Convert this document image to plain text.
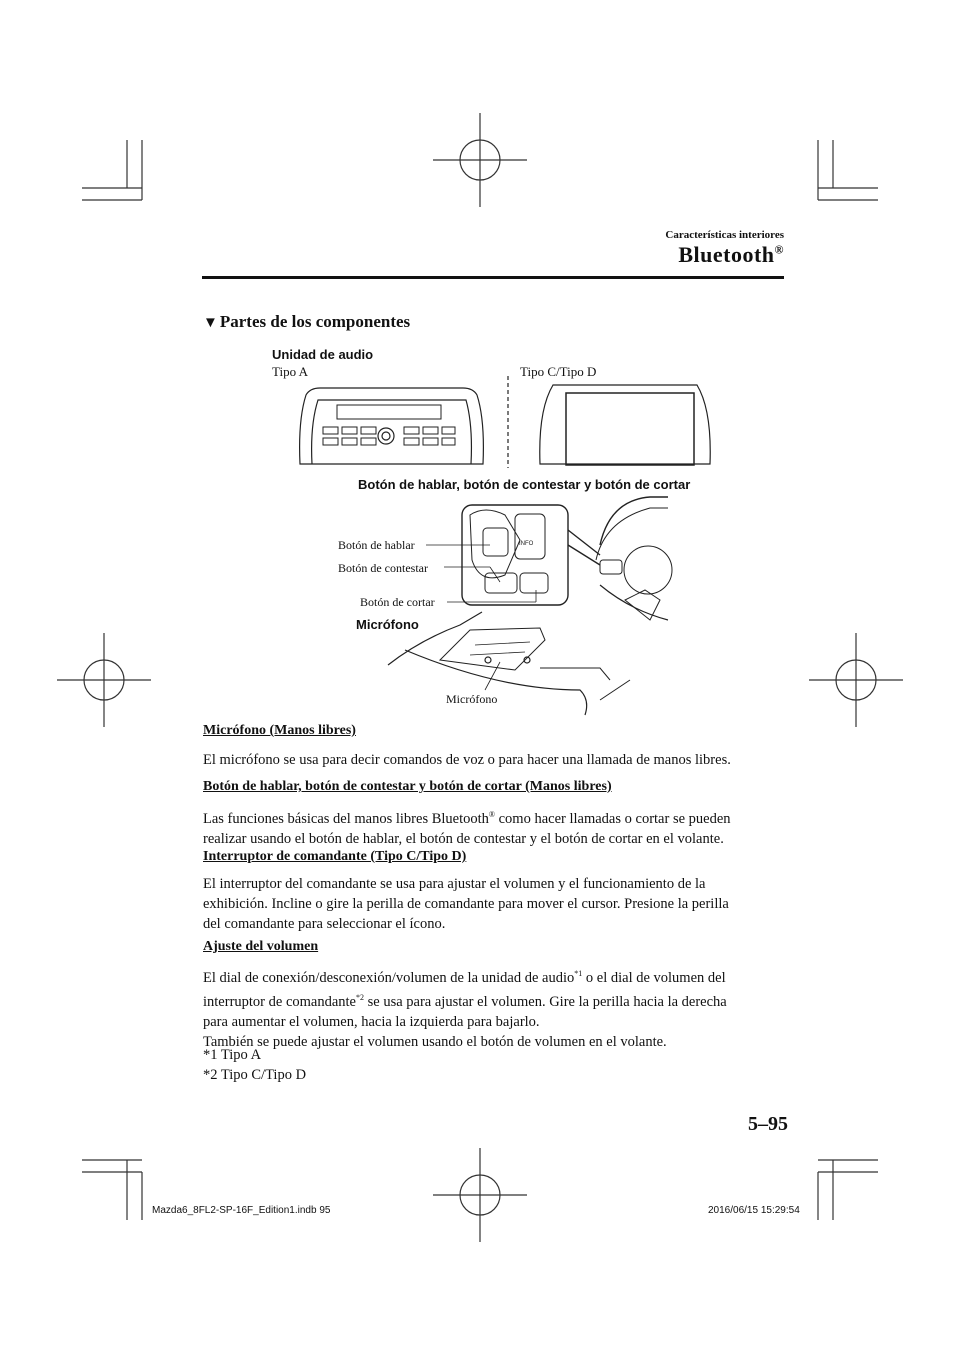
Características interiores
Bluetooth®
▼ Partes de los componentes
Unidad de audio
Tipo A	Tipo C/Tipo D
Botón de hablar, botón de contestar y botón de cortar
Botón de hablar
Botón de contestar
Botón de cortar
Micrófono
Micrófono
INFO
Micrófono (Manos libres)
El micrófono se usa para decir comandos de voz o para hacer una llamada de manos libres.
Botón de hablar, botón de contestar y botón de cortar (Manos libres)
Las funciones básicas del manos libres Bluetooth® como hacer llamadas o cortar se pueden
realizar usando el botón de hablar, el botón de contestar y el botón de cortar en el volante.
Interruptor de comandante (Tipo C/Tipo D)
El interruptor del comandante se usa para ajustar el volumen y el funcionamiento de la
exhibición. Incline o gire la perilla de comandante para mover el cursor. Presione la perilla
del comandante para seleccionar el ícono.
Ajuste del volumen
El dial de conexión/desconexión/volumen de la unidad de audio$^{*1}$ o el dial de volumen del
interruptor de comandante$^{*2}$ se usa para ajustar el volumen. Gire la perilla hacia la derecha
para aumentar el volumen, hacia la izquierda para bajarlo.
También se puede ajustar el volumen usando el botón de volumen en el volante.
*1 Tipo A
*2 Tipo C/Tipo D
5–95
Mazda6_8FL2-SP-16F_Edition1.indb 95	2016/06/15 15:29:54
